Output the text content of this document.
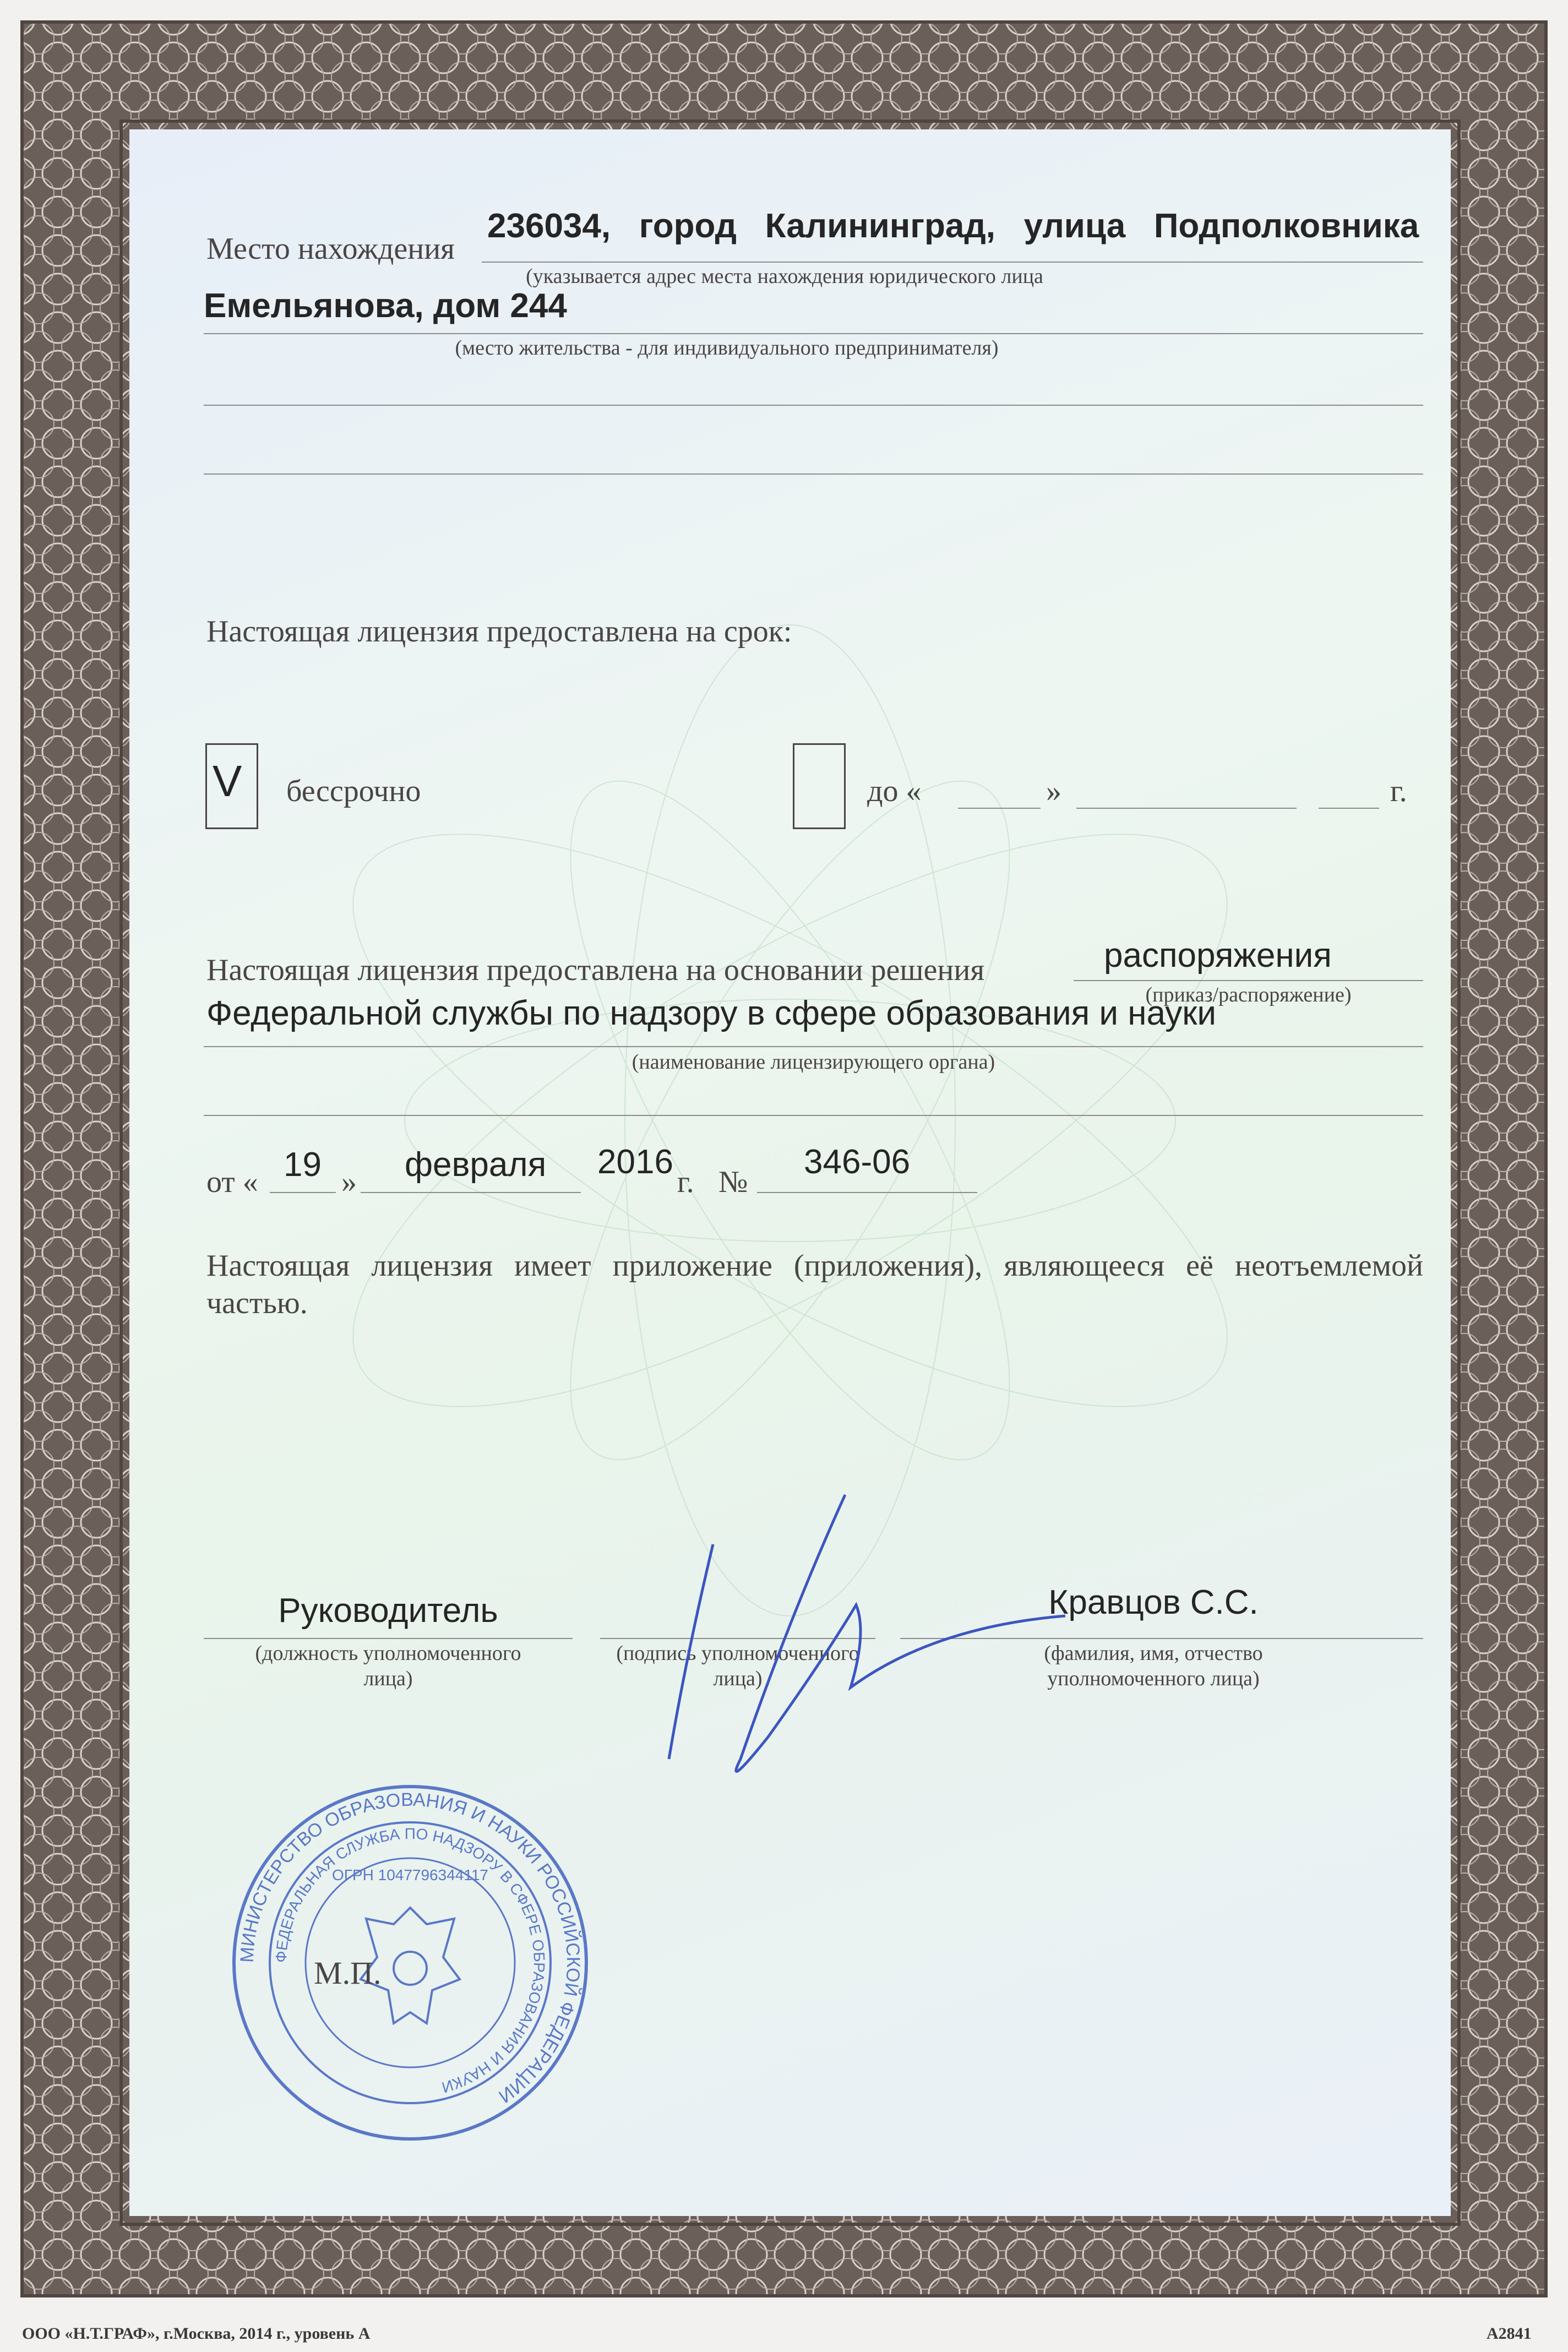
Место нахождения
236034,   город   Калининград,   улица   Подполковника
(указывается адрес места нахождения юридического лица
Емельянова, дом 244
(место жительства - для индивидуального предпринимателя)
Настоящая лицензия предоставлена на срок:
V бессрочно	до «	»	г.
Настоящая лицензия предоставлена на основании решения	распоряжения
(приказ/распоряжение)
Федеральной службы по надзору в сфере образования и науки
(наименование лицензирующего органа)
от « 19 » февраля 2016
г. №
346-06
Настоящая лицензия имеет приложение (приложения), являющееся её неотъемлемой частью.
Руководитель
(должность уполномоченного лица)
(подпись уполномоченного лица)
Кравцов С.С.
(фамилия, имя, отчество уполномоченного лица)
МИНИСТЕРСТВО ОБРАЗОВАНИЯ И НАУКИ РОССИЙСКОЙ ФЕДЕРАЦИИ
ФЕДЕРАЛЬНАЯ СЛУЖБА ПО НАДЗОРУ В СФЕРЕ ОБРАЗОВАНИЯ И НАУКИ
ОГРН 1047796344117
М.П.
ООО «Н.Т.ГРАФ», г.Москва, 2014 г., уровень А	A2841
